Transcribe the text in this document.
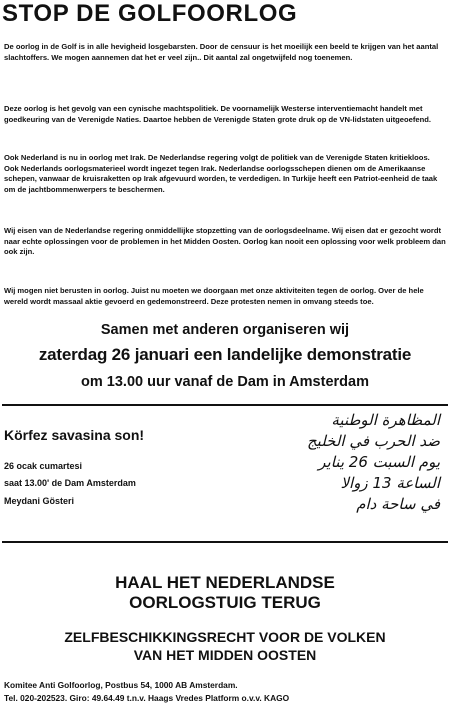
STOP DE GOLFOORLOG

De oorlog in de Golf is in alle hevigheid losgebarsten. Door de censuur is het moeilijk een beeld te krijgen van het aantal slachtoffers. We mogen aannemen dat het er veel zijn.. Dit aantal zal ongetwijfeld nog toenemen.

Deze oorlog is het gevolg van een cynische machtspolitiek. De voornamelijk Westerse interventiemacht handelt met goedkeuring van de Verenigde Naties. Daartoe hebben de Verenigde Staten grote druk op de VN-lidstaten uitgeoefend.

Ook Nederland is nu in oorlog met Irak. De Nederlandse regering volgt de politiek van de Verenigde Staten kritiekloos. Ook Nederlands oorlogsmaterieel wordt ingezet tegen Irak. Nederlandse oorlogsschepen dienen om de Amerikaanse schepen, vanwaar de kruisraketten op Irak afgevuurd worden, te verdedigen. In Turkije heeft een Patriot-eenheid de taak om de jachtbommenwerpers te beschermen.

Wij eisen van de Nederlandse regering onmiddellijke stopzetting van de oorlogsdeelname. Wij eisen dat er gezocht wordt naar echte oplossingen voor de problemen in het Midden Oosten. Oorlog kan nooit een oplossing voor welk probleem dan ook zijn.

Wij mogen niet berusten in oorlog. Juist nu moeten we doorgaan met onze aktiviteiten tegen de oorlog. Over de hele wereld wordt massaal aktie gevoerd en gedemonstreerd. Deze protesten nemen in omvang steeds toe.

Samen met anderen organiseren wij
zaterdag 26 januari een landelijke demonstratie
om 13.00 uur vanaf de Dam in Amsterdam
Körfez savasina son!
26 ocak cumartesi
saat 13.00' de Dam Amsterdam
Meydani Gösteri
المظاهرة الوطنية
ضد الحرب في الخليج
يوم السبت 26 يناير
الساعة 13 زوالا
في ساحة دام
HAAL HET NEDERLANDSE
OORLOGSTUIG TERUG
ZELFBESCHIKKINGSRECHT VOOR DE VOLKEN
VAN HET MIDDEN OOSTEN
Komitee Anti Golfoorlog, Postbus 54, 1000 AB Amsterdam.
Tel. 020-202523. Giro: 49.64.49 t.n.v. Haags Vredes Platform o.v.v. KAGO
